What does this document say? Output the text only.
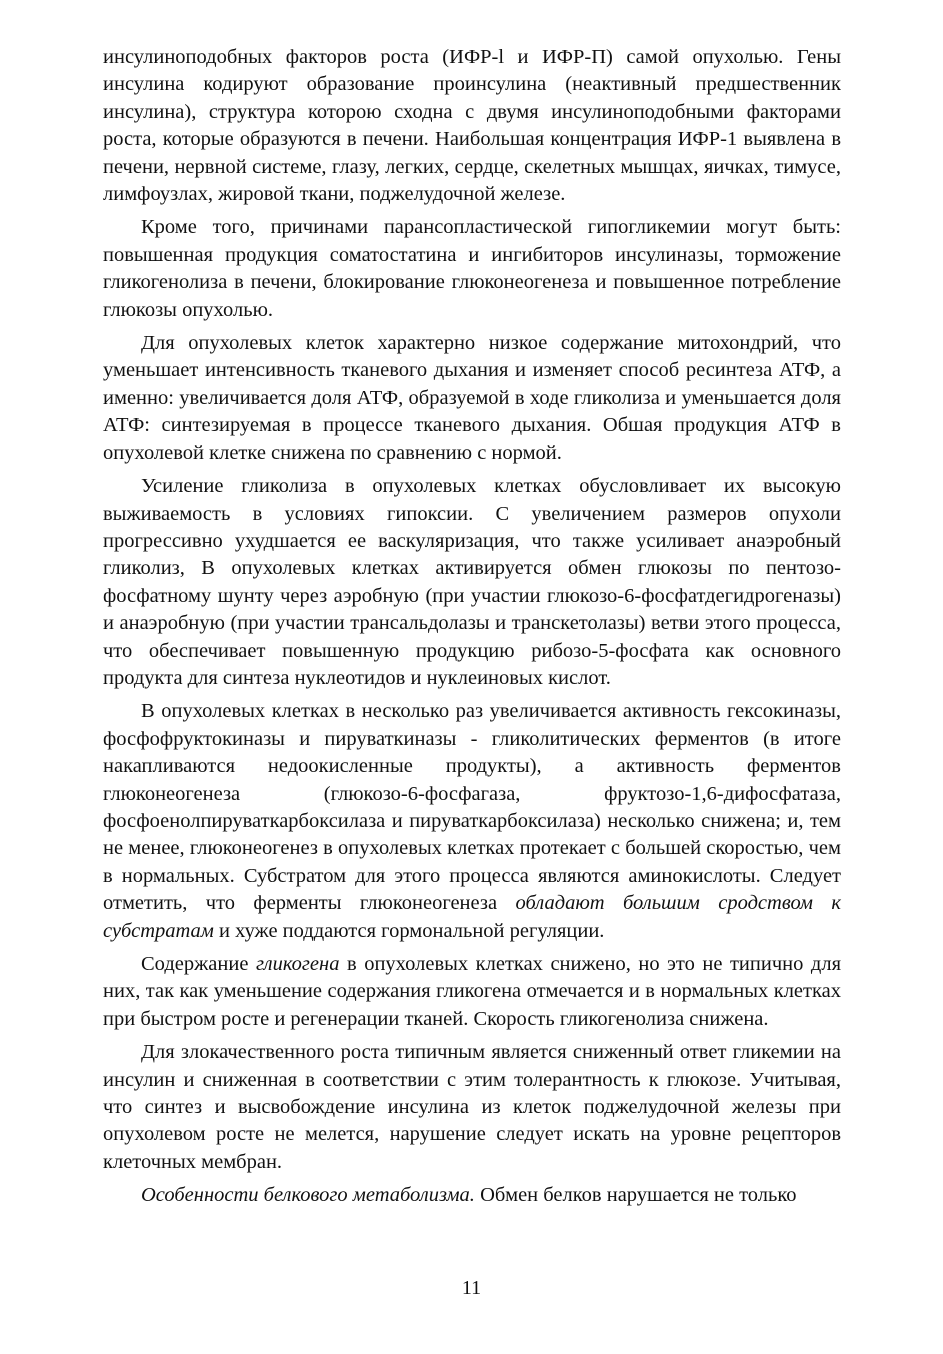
инсулиноподобных факторов роста (ИФР-l и ИФР-П) самой опухолью. Гены инсулина кодируют образование проинсулина (неактивный предшественник инсулина), структура которою сходна с двумя инсулиноподобными факторами роста, которые образуются в печени. Наибольшая концентрация ИФР-1 выявлена в печени, нервной системе, глазу, легких, сердце, скелетных мышцах, яичках, тимусе, лимфоузлах, жировой ткани, поджелудочной железе.

Кроме того, причинами парансопластической гипогликемии могут быть: повышенная продукция соматостатина и ингибиторов инсулиназы, торможение гликогенолиза в печени, блокирование глюконеогенеза и повышенное потребление глюкозы опухолью.

Для опухолевых клеток характерно низкое содержание митохондрий, что уменьшает интенсивность тканевого дыхания и изменяет способ ресинтеза АТФ, а именно: увеличивается доля АТФ, образуемой в ходе гликолиза и уменьшается доля АТФ: синтезируемая в процессе тканевого дыхания. Обшая продукция АТФ в опухолевой клетке снижена по сравнению с нормой.

Усиление гликолиза в опухолевых клетках обусловливает их высокую выживаемость в условиях гипоксии. С увеличением размеров опухоли прогрессивно ухудшается ее васкуляризация, что также усиливает анаэробный гликолиз, В опухолевых клетках активируется обмен глюкозы по пентозо-фосфатному шунту через аэробную (при участии глюкозо-6-фосфатдегидрогеназы) и анаэробную (при участии трансальдолазы и транскетолазы) ветви этого процесса, что обеспечивает повышенную продукцию рибозо-5-фосфата как основного продукта для синтеза нуклеотидов и нуклеиновых кислот.

В опухолевых клетках в несколько раз увеличивается активность гексокиназы, фосфофруктокиназы и пируваткиназы - гликолитических ферментов (в итоге накапливаются недоокисленные продукты), а активность ферментов глюконеогенеза (глюкозо-6-фосфагаза, фруктозо-1,6-дифосфатаза, фосфоенолпируваткарбоксилаза и пируваткарбоксилаза) несколько снижена; и, тем не менее, глюконеогенез в опухолевых клетках протекает с большей скоростью, чем в нормальных. Субстратом для этого процесса являются аминокислоты. Следует отметить, что ферменты глюконеогенеза обладают большим сродством к субстратам и хуже поддаются гормональной регуляции.

Содержание гликогена в опухолевых клетках снижено, но это не типично для них, так как уменьшение содержания гликогена отмечается и в нормальных клетках при быстром росте и регенерации тканей. Скорость гликогенолиза снижена.

Для злокачественного роста типичным является сниженный ответ гликемии на инсулин и сниженная в соответствии с этим толерантность к глюкозе. Учитывая, что синтез и высвобождение инсулина из клеток поджелудочной железы при опухолевом росте не мелется, нарушение следует искать на уровне рецепторов клеточных мембран.

Особенности белкового метаболизма. Обмен белков нарушается не только

11
